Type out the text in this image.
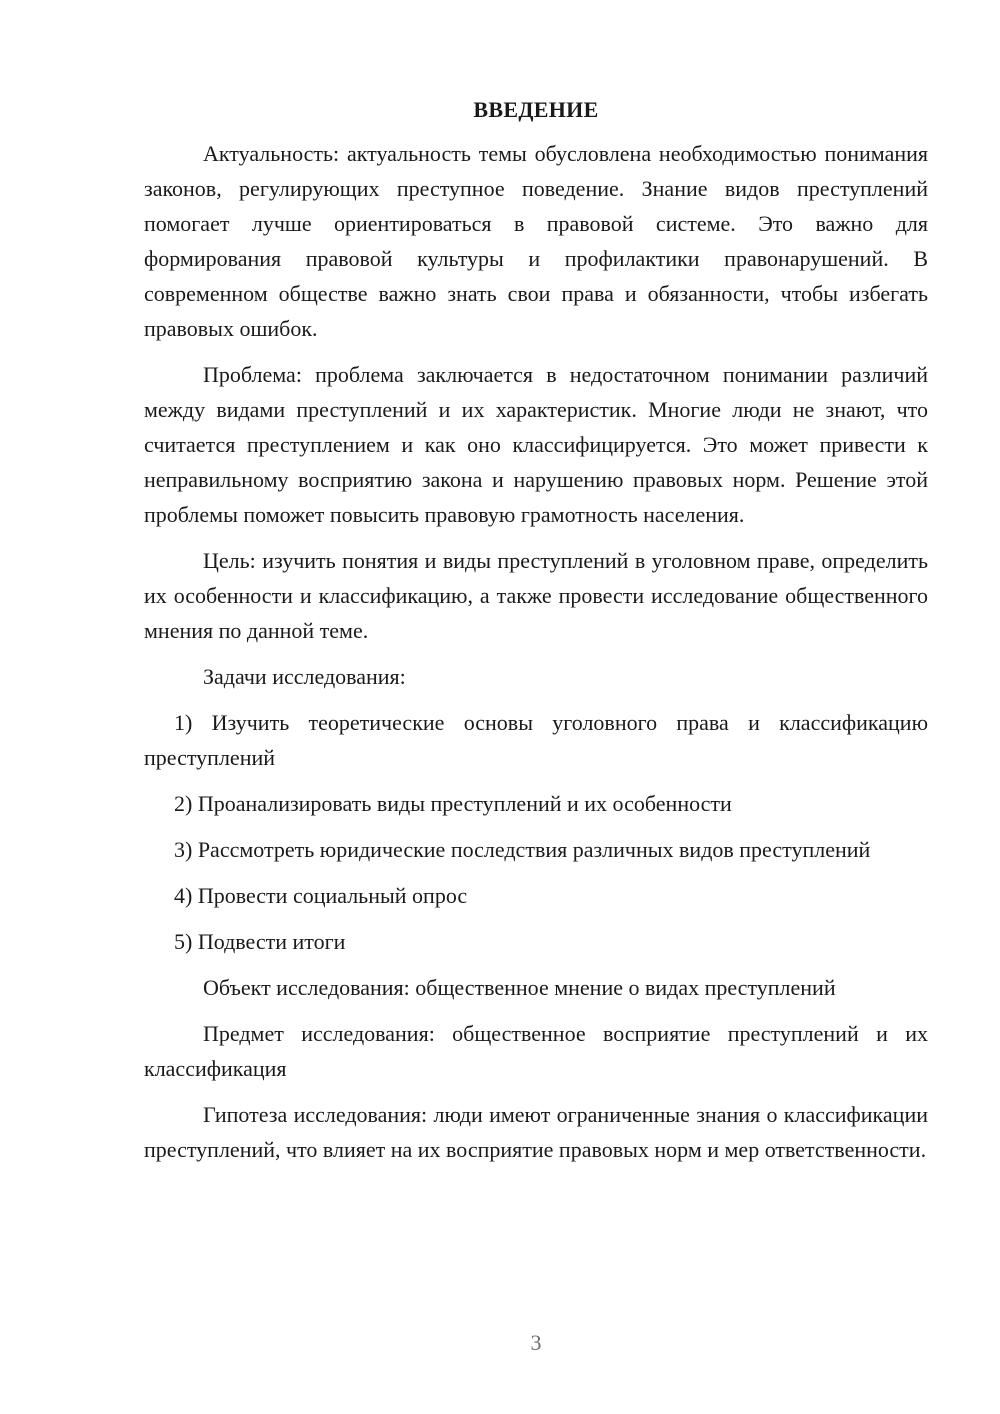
ВВЕДЕНИЕ

Актуальность: актуальность темы обусловлена необходимостью понимания законов, регулирующих преступное поведение. Знание видов преступлений помогает лучше ориентироваться в правовой системе. Это важно для формирования правовой культуры и профилактики правонарушений. В современном обществе важно знать свои права и обязанности, чтобы избегать правовых ошибок.

Проблема: проблема заключается в недостаточном понимании различий между видами преступлений и их характеристик. Многие люди не знают, что считается преступлением и как оно классифицируется. Это может привести к неправильному восприятию закона и нарушению правовых норм. Решение этой проблемы поможет повысить правовую грамотность населения.

Цель: изучить понятия и виды преступлений в уголовном праве, определить их особенности и классификацию, а также провести исследование общественного мнения по данной теме.

Задачи исследования:

1) Изучить теоретические основы уголовного права и классификацию преступлений

2) Проанализировать виды преступлений и их особенности

3) Рассмотреть юридические последствия различных видов преступлений

4) Провести социальный опрос

5) Подвести итоги

Объект исследования: общественное мнение о видах преступлений

Предмет исследования: общественное восприятие преступлений и их классификация

Гипотеза исследования: люди имеют ограниченные знания о классификации преступлений, что влияет на их восприятие правовых норм и мер ответственности.

3
